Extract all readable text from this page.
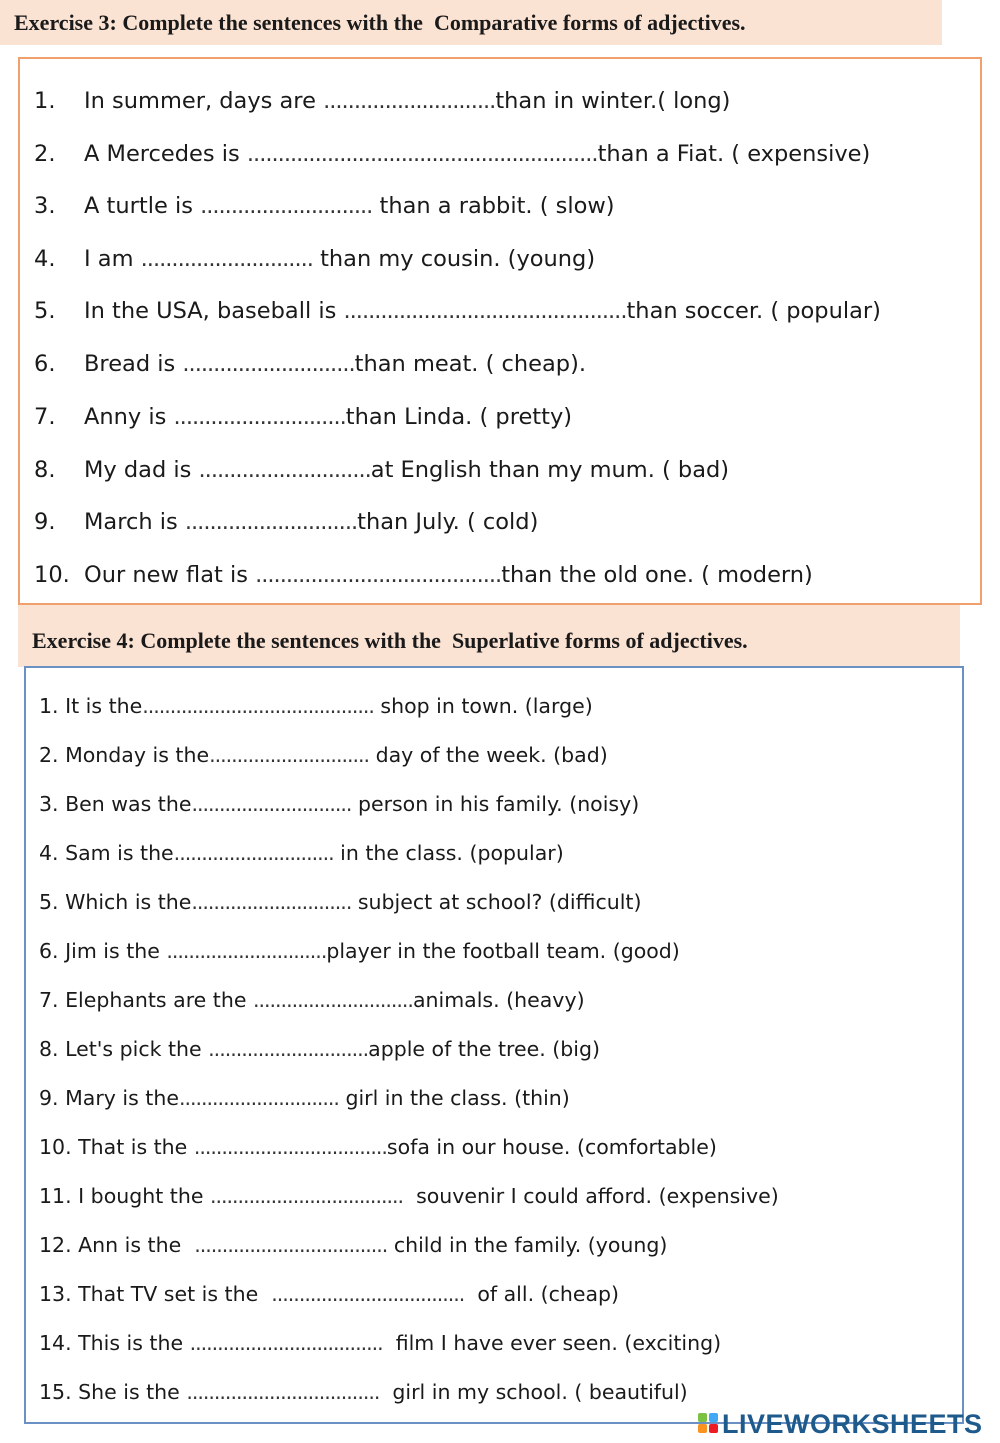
Exercise 3: Complete the sentences with the  Comparative forms of adjectives.
1. In summer, days are ............................than in winter.( long)
2. A Mercedes is .........................................................than a Fiat. ( expensive)
3. A turtle is ............................ than a rabbit. ( slow)
4. I am ............................ than my cousin. (young)
5. In the USA, baseball is ..............................................than soccer. ( popular)
6. Bread is ............................than meat. ( cheap).
7. Anny is ............................than Linda. ( pretty)
8. My dad is ............................at English than my mum. ( bad)
9. March is ............................than July. ( cold)
10. Our new flat is ........................................than the old one. ( modern)
Exercise 4: Complete the sentences with the  Superlative forms of adjectives.
1. It is the.......................................... shop in town. (large)
2. Monday is the............................. day of the week. (bad)
3. Ben was the............................. person in his family. (noisy)
4. Sam is the............................. in the class. (popular)
5. Which is the............................. subject at school? (difficult)
6. Jim is the .............................player in the football team. (good)
7. Elephants are the .............................animals. (heavy)
8. Let's pick the .............................apple of the tree. (big)
9. Mary is the............................. girl in the class. (thin)
10. That is the ...................................sofa in our house. (comfortable)
11. I bought the ...................................  souvenir I could afford. (expensive)
12. Ann is the  ................................... child in the family. (young)
13. That TV set is the  ...................................  of all. (cheap)
14. This is the ...................................  film I have ever seen. (exciting)
15. She is the ...................................  girl in my school. ( beautiful)
LIVEWORKSHEETS
